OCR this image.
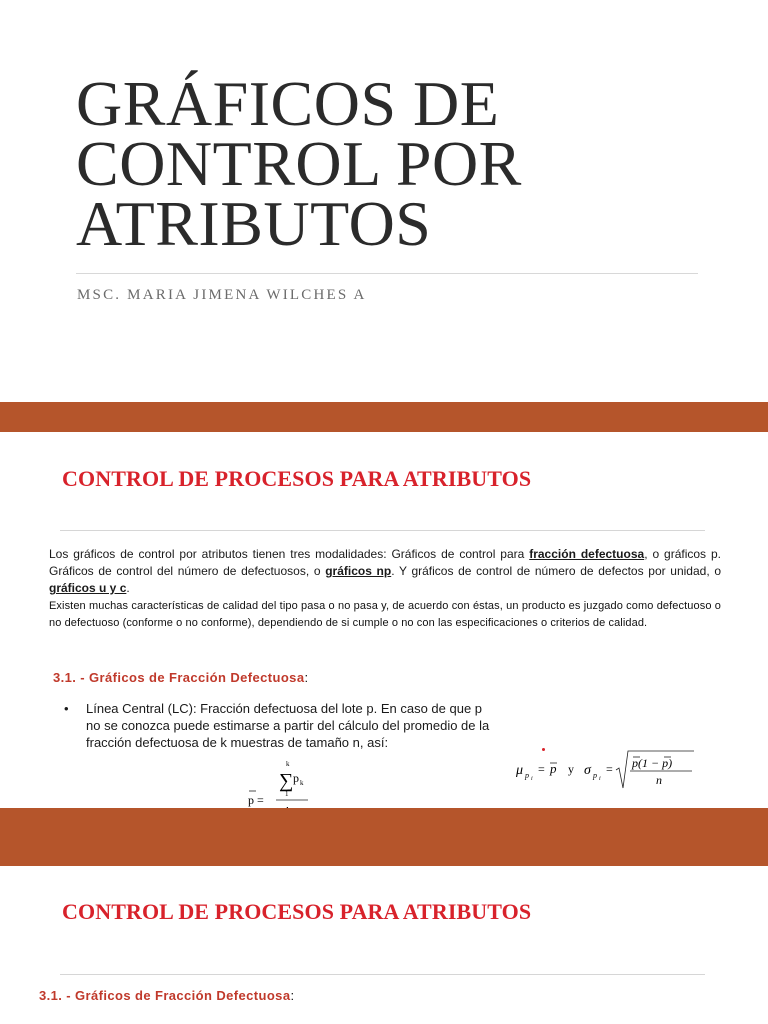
GRÁFICOS DE
CONTROL POR
ATRIBUTOS

MSC. MARIA JIMENA WILCHES A

CONTROL DE PROCESOS PARA ATRIBUTOS

Los gráficos de control por atributos tienen tres modalidades: Gráficos de control para fracción defectuosa, o gráficos p. Gráficos de control del número de defectuosos, o gráficos np. Y gráficos de control de número de defectos por unidad, o gráficos u y c.

Existen muchas características de calidad del tipo pasa o no pasa y, de acuerdo con éstas, un producto es juzgado como defectuoso o no defectuoso (conforme o no conforme), dependiendo de si cumple o no con las especificaciones o criterios de calidad.

3.1. - Gráficos de Fracción Defectuosa:

• Línea Central (LC): Fracción defectuosa del lote p. En caso de que p no se conozca puede estimarse a partir del cálculo del promedio de la fracción defectuosa de k muestras de tamaño n, así:
p =
k
∑
1
p k
μ p i
= p y σ p i
= p(1 − p)
n
CONTROL DE PROCESOS PARA ATRIBUTOS

3.1. - Gráficos de Fracción Defectuosa:
